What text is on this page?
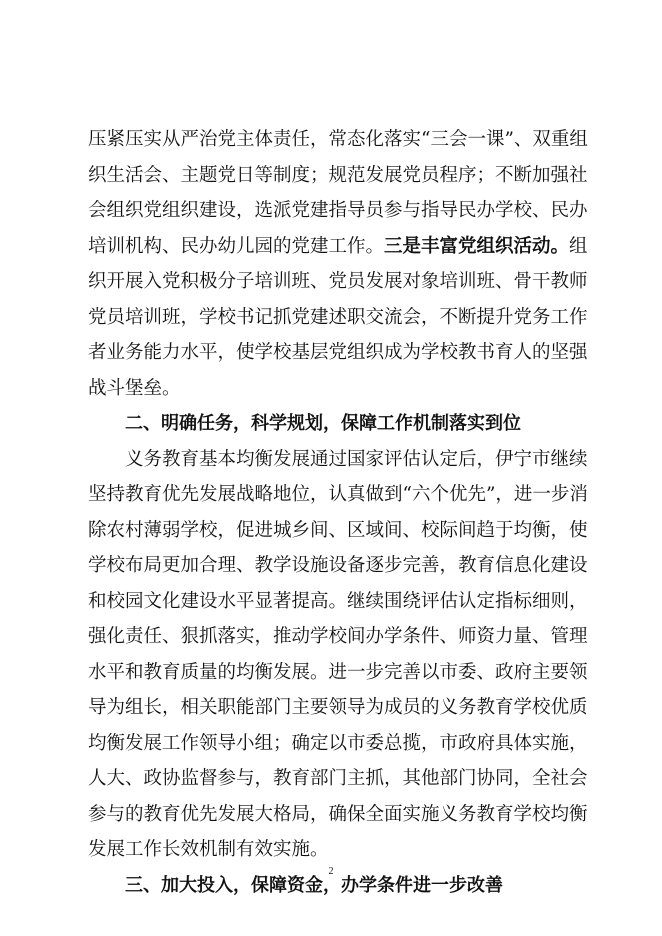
压紧压实从严治党主体责任，常态化落实“三会一课”、双重组
织生活会、主题党日等制度；规范发展党员程序；不断加强社
会组织党组织建设，选派党建指导员参与指导民办学校、民办
培训机构、民办幼儿园的党建工作。三是丰富党组织活动。组
织开展入党积极分子培训班、党员发展对象培训班、骨干教师
党员培训班，学校书记抓党建述职交流会，不断提升党务工作
者业务能力水平，使学校基层党组织成为学校教书育人的坚强
战斗堡垒。
二、明确任务，科学规划，保障工作机制落实到位
义务教育基本均衡发展通过国家评估认定后，伊宁市继续
坚持教育优先发展战略地位，认真做到“六个优先”，进一步消
除农村薄弱学校，促进城乡间、区域间、校际间趋于均衡，使
学校布局更加合理、教学设施设备逐步完善，教育信息化建设
和校园文化建设水平显著提高。继续围绕评估认定指标细则，
强化责任、狠抓落实，推动学校间办学条件、师资力量、管理
水平和教育质量的均衡发展。进一步完善以市委、政府主要领
导为组长，相关职能部门主要领导为成员的义务教育学校优质
均衡发展工作领导小组；确定以市委总揽，市政府具体实施，
人大、政协监督参与，教育部门主抓，其他部门协同，全社会
参与的教育优先发展大格局，确保全面实施义务教育学校均衡
发展工作长效机制有效实施。
三、加大投入，保障资金，办学条件进一步改善
2
